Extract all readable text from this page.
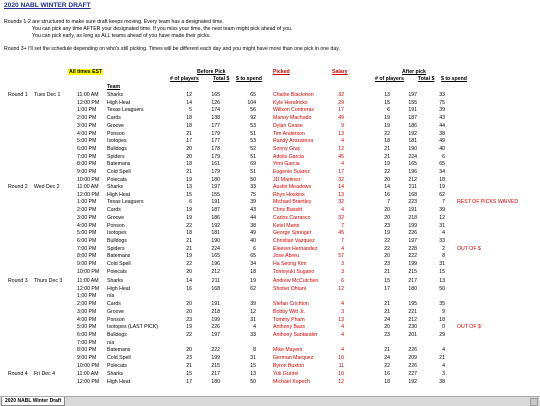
2020 NABL WINTER DRAFT
Rounds 1-2 are structured to make sure draft keeps moving. Every team has a designated time.
You can pick any time AFTER your designated time. If you miss your time, the next team might pick ahead of you.
You can pick early, as long as ALL teams ahead of you have made their picks.
Round 3+ I'll set the schedule depending on who's still picking. Times will be different each day and you might have more than one pick in one day.
All times EST	Before Pick	After pick
Team
# of players	Total $ $ to spend
Picked	Salary
# of players	Total $ $ to spend
Round 1 Tues Dec 1	11:00 AM Sharks	12	165	65	Charlie Blackmon	32	13	197	33
12:00 PM High Heat	14	126	104	Kyle Hendricks	29	15	155	75
1:00 PM Texas Leaguers	5	174	56	Willson Contreras	17	6	191	39
2:00 PM Cards	18	138	92	Manny Machado	49	19	187	43
3:00 PM Groove	18	177	53	Dylan Cease	9	19	186	44
4:00 PM Ponson	21	179	51	Tim Anderson	13	22	192	38
5:00 PM Isotopes	17	177	53	Randy Arozarena	4	18	181	49
6:00 PM Bulldogs	20	178	52	Sonny Gray	12	21	190	40
7:00 PM Spiders	20	179	51	Adolis Garcia	45	21	224	6
8:00 PM Batemans	18	161	69	Yimi Garcia	4	19	165	65
9:00 PM Cold Spell	21	179	51	Eugenio Suarez	17	22	196	34
10:00 PM Polecats	19	180	50	JD Martinez	32	20	212	18
Round 2 Wed Dec 2	11:00 AM Sharks	13	197	33	Austin Meadows	14	14	211	19
12:00 PM High Heat	15	155	75	Rhys Hoskins	13	16	168	62
1:00 PM Texas Leaguers	6	191	39	Michael Brantley	32	7	223	7 REST OF PICKS WAIVED
2:00 PM Cards	19	187	43	Chris Bassitt	4	20	191	39
3:00 PM Groove	19	186	44	Carlos Carrasco	32	20	218	12
4:00 PM Ponson	22	192	38	Ketel Marte	7	23	199	31
5:00 PM Isotopes	18	181	49	George Springer	45	19	226	4
6:00 PM Bulldogs	21	190	40	Christian Vazquez	7	22	197	33
7:00 PM Spiders	21	224	6	Eleeser Hernandez	4	22	228	2 OUT OF $
8:00 PM Batemans	19	165	65	Jose Abreu	57	20	222	8
9:00 PM Cold Spell	22	196	34	Ha Seong Kim	3	23	199	31
10:00 PM Polecats	20	212	18	Tomoyuki Sugano	3	21	215	15
Round 3 Thurs Dec 3	11:00 AM Sharks	14	211	19	Andrew McCutchen	6	15	217	13
12:00 PM High Heat	16	168	62	Shohei Ohtani	12	17	180	50
1:00 PM n/a
2:00 PM Cards	20	191	39	Stefan Crichton	4	21	195	35
3:00 PM Groove	20	218	12	Bobby Witt Jr.	3	21	221	9
4:00 PM Ponson	23	199	31	Tommy Pham	13	24	212	18
5:00 PM Isotopes (LAST PICK)	19	226	4	Anthony Bass	4	20	230	0 OUT OF $
6:00 PM Bulldogs	22	197	33	Anthony Santander	4	23	201	29
7:00 PM n/a
8:00 PM Batemans	20	222	8	Mike Mayers	4	21	226	4
9:00 PM Cold Spell	23	199	31	German Marquez	10	24	209	21
10:00 PM Polecats	21	215	15	Byron Buxton	11	22	226	4
Round 4 Fri Dec 4	11:00 AM Sharks	15	217	13	Yuli Gurriel	10	16	227	3
12:00 PM High Heat	17	180	50	Michael Kopech	12	18	192	38
2020 NABL Winter Draft
